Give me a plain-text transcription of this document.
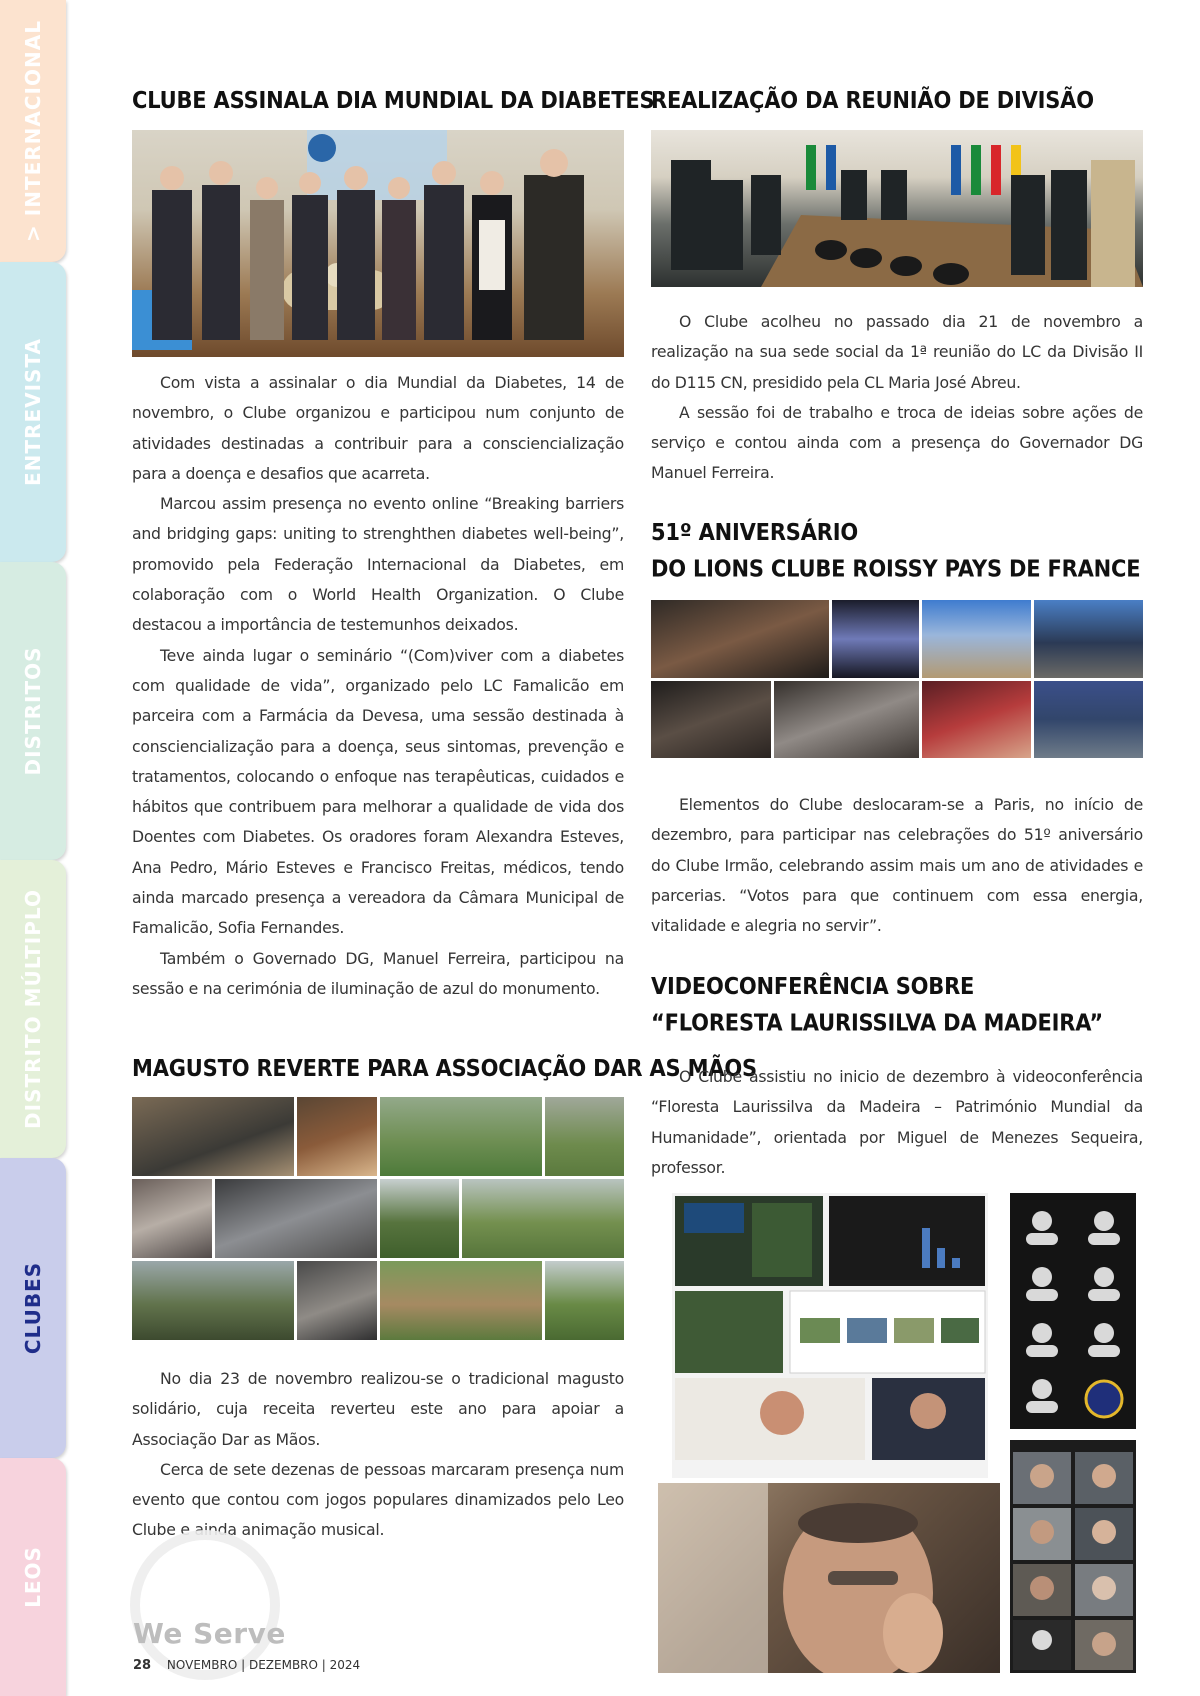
> INTERNACIONAL
ENTREVISTA
DISTRITOS
DISTRITO MÚLTIPLO
CLUBES
LEOS
CLUBE ASSINALA DIA MUNDIAL DA DIABETES

Com vista a assinalar o dia Mundial da Diabetes, 14 de novembro, o Clube organizou e participou num conjunto de atividades destinadas a contribuir para a consciencialização para a doença e desafios que acarreta.

Marcou assim presença no evento online “Breaking barriers and bridging gaps: uniting to strenghthen diabetes well-being”, promovido pela Federação Internacional da Diabetes, em colaboração com o World Health Organization. O Clube destacou a importância de testemunhos deixados.

Teve ainda lugar o seminário “(Com)viver com a diabetes com qualidade de vida”, organizado pelo LC Famalicão em parceira com a Farmácia da Devesa, uma sessão destinada à consciencialização para a doença, seus sintomas, prevenção e tratamentos, colocando o enfoque nas terapêuticas, cuidados e hábitos que contribuem para melhorar a qualidade de vida dos Doentes com Diabetes. Os oradores foram Alexandra Esteves, Ana Pedro, Mário Esteves e Francisco Freitas, médicos, tendo ainda marcado presença a vereadora da Câmara Municipal de Famalicão, Sofia Fernandes.

Também o Governado DG, Manuel Ferreira, participou na sessão e na cerimónia de iluminação de azul do monumento.

MAGUSTO REVERTE PARA ASSOCIAÇÃO DAR AS MÃOS

No dia 23 de novembro realizou-se o tradicional magusto solidário, cuja receita reverteu este ano para apoiar a Associação Dar as Mãos.

Cerca de sete dezenas de pessoas marcaram presença num evento que contou com jogos populares dinamizados pelo Leo Clube e ainda animação musical.

REALIZAÇÃO DA REUNIÃO DE DIVISÃO

O Clube acolheu no passado dia 21 de novembro a realização na sua sede social da 1ª reunião do LC da Divisão II do D115 CN, presidido pela CL Maria José Abreu.

A sessão foi de trabalho e troca de ideias sobre ações de serviço e contou ainda com a presença do Governador DG Manuel Ferreira.

51º ANIVERSÁRIO
DO LIONS CLUBE ROISSY PAYS DE FRANCE

Elementos do Clube deslocaram-se a Paris, no início de dezembro, para participar nas celebrações do 51º aniversário do Clube Irmão, celebrando assim mais um ano de atividades e parcerias. “Votos para que continuem com essa energia, vitalidade e alegria no servir”.

VIDEOCONFERÊNCIA SOBRE
“FLORESTA LAURISSILVA DA MADEIRA”

O Clube assistiu no inicio de dezembro à videoconferência “Floresta Laurissilva da Madeira – Património Mundial da Humanidade”, orientada por Miguel de Menezes Sequeira, professor.

We Serve
28 NOVEMBRO | DEZEMBRO | 2024
